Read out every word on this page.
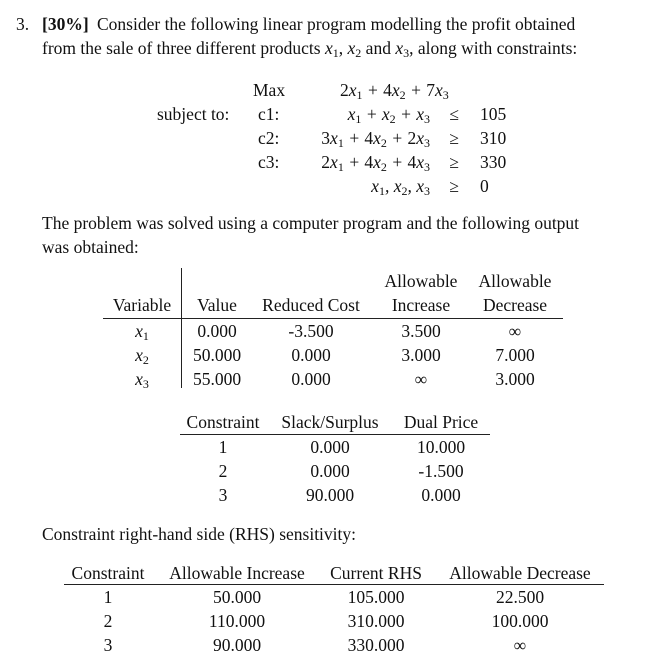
3. [30%] Consider the following linear program modelling the profit obtained
from the sale of three different products $x_1$, $x_2$ and $x_3$, along with constraints:
Max	$2x_1 + 4x_2 + 7x_3$
subject to: c1:	$x_1 + x_2 + x_3$	≤	105
c2:	$3x_1 + 4x_2 + 2x_3$	≥	310
c3:	$2x_1 + 4x_2 + 4x_3$	≥	330
$x_1$, $x_2$, $x_3$	≥	0
The problem was solved using a computer program and the following output
was obtained:
Allowable	Allowable
Variable	Value	Reduced Cost	Increase	Decrease
$x_1$	0.000	-3.500	3.500	∞
$x_2$	50.000	0.000	3.000	7.000
$x_3$	55.000	0.000	∞	3.000
Constraint	Slack/Surplus	Dual Price
1	0.000	10.000
2	0.000	-1.500
3	90.000	0.000
Constraint right-hand side (RHS) sensitivity:
Constraint	Allowable Increase	Current RHS	Allowable Decrease
1	50.000	105.000	22.500
2	110.000	310.000	100.000
3	90.000	330.000	∞
